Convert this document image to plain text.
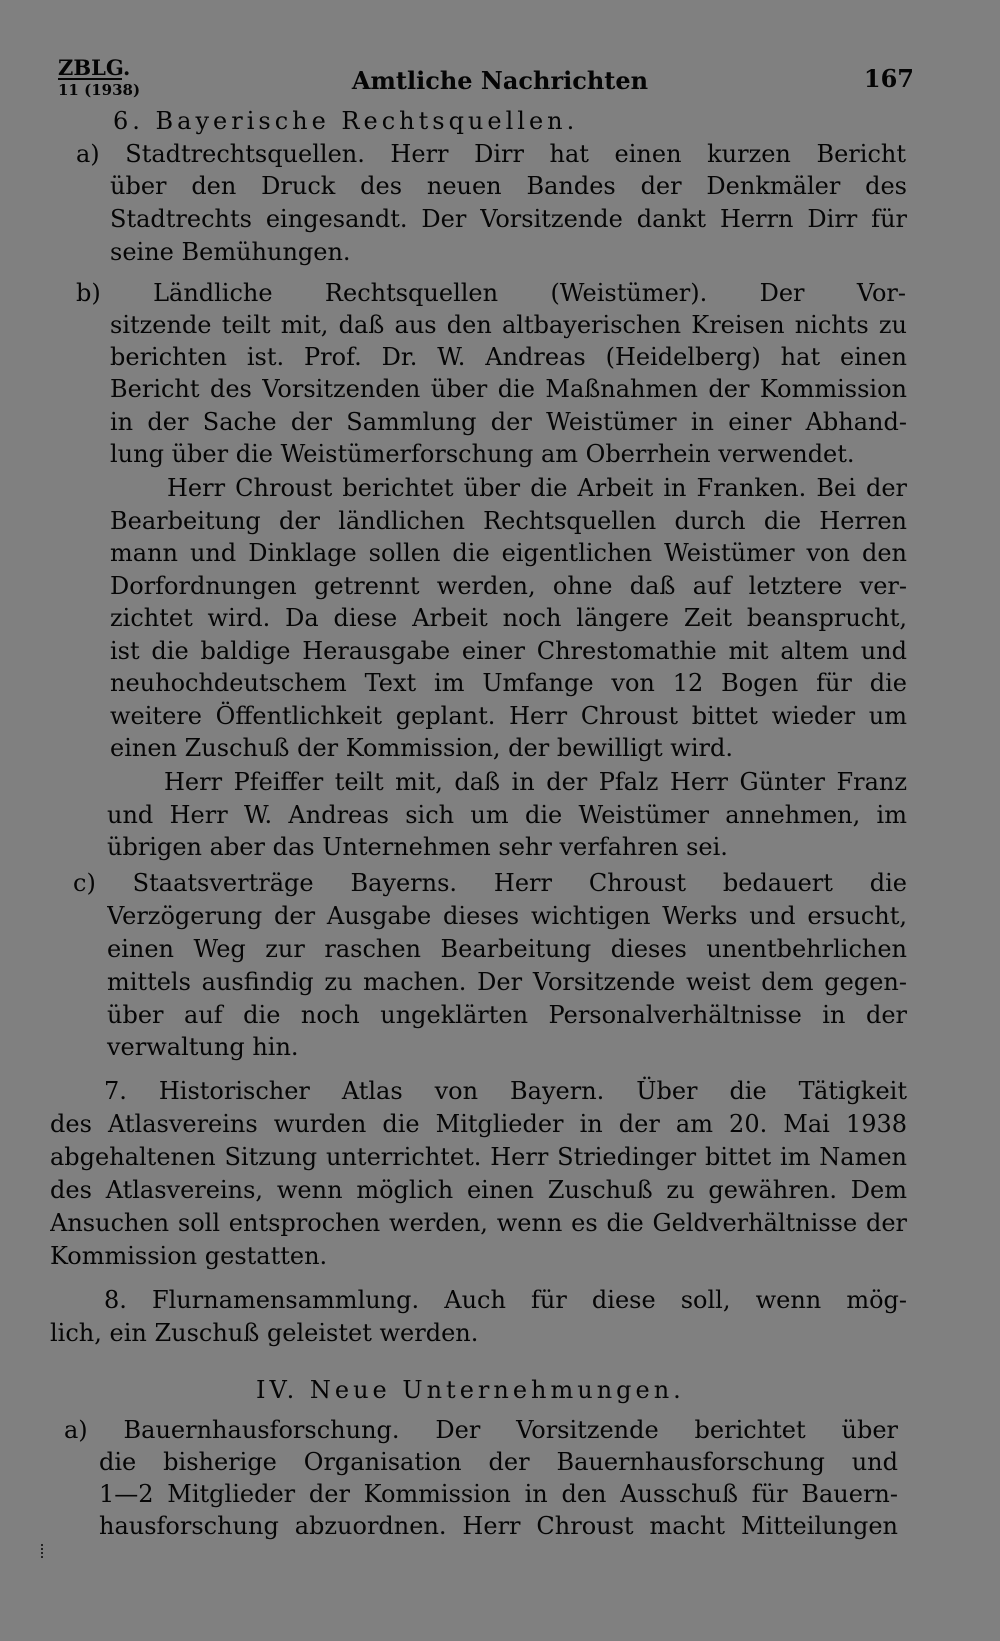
ZBLG.
11 (1938)	Amtliche Nachrichten	167
6. Bayerische Rechtsquellen.
a) Stadtrechtsquellen. Herr Dirr hat einen kurzen Bericht
über den Druck des neuen Bandes der Denkmäler des
Stadtrechts eingesandt. Der Vorsitzende dankt Herrn Dirr für
seine Bemühungen.
b) Ländliche Rechtsquellen (Weistümer). Der Vor-
sitzende teilt mit, daß aus den altbayerischen Kreisen nichts zu
berichten ist. Prof. Dr. W. Andreas (Heidelberg) hat einen
Bericht des Vorsitzenden über die Maßnahmen der Kommission
in der Sache der Sammlung der Weistümer in einer Abhand-
lung über die Weistümerforschung am Oberrhein verwendet.
Herr Chroust berichtet über die Arbeit in Franken. Bei der
Bearbeitung der ländlichen Rechtsquellen durch die Herren
mann und Dinklage sollen die eigentlichen Weistümer von den
Dorfordnungen getrennt werden, ohne daß auf letztere ver-
zichtet wird. Da diese Arbeit noch längere Zeit beansprucht,
ist die baldige Herausgabe einer Chrestomathie mit altem und
neuhochdeutschem Text im Umfange von 12 Bogen für die
weitere Öffentlichkeit geplant. Herr Chroust bittet wieder um
einen Zuschuß der Kommission, der bewilligt wird.
Herr Pfeiffer teilt mit, daß in der Pfalz Herr Günter Franz
und Herr W. Andreas sich um die Weistümer annehmen, im
übrigen aber das Unternehmen sehr verfahren sei.
c) Staatsverträge Bayerns. Herr Chroust bedauert die
Verzögerung der Ausgabe dieses wichtigen Werks und ersucht,
einen Weg zur raschen Bearbeitung dieses unentbehrlichen
mittels ausfindig zu machen. Der Vorsitzende weist dem gegen-
über auf die noch ungeklärten Personalverhältnisse in der
verwaltung hin.
7. Historischer Atlas von Bayern. Über die Tätigkeit
des Atlasvereins wurden die Mitglieder in der am 20. Mai 1938
abgehaltenen Sitzung unterrichtet. Herr Striedinger bittet im Namen
des Atlasvereins, wenn möglich einen Zuschuß zu gewähren. Dem
Ansuchen soll entsprochen werden, wenn es die Geldverhältnisse der
Kommission gestatten.
8. Flurnamensammlung. Auch für diese soll, wenn mög-
lich, ein Zuschuß geleistet werden.
IV. Neue Unternehmungen.
a) Bauernhausforschung. Der Vorsitzende berichtet über
die bisherige Organisation der Bauernhausforschung und
1—2 Mitglieder der Kommission in den Ausschuß für Bauern-
hausforschung abzuordnen. Herr Chroust macht Mitteilungen
